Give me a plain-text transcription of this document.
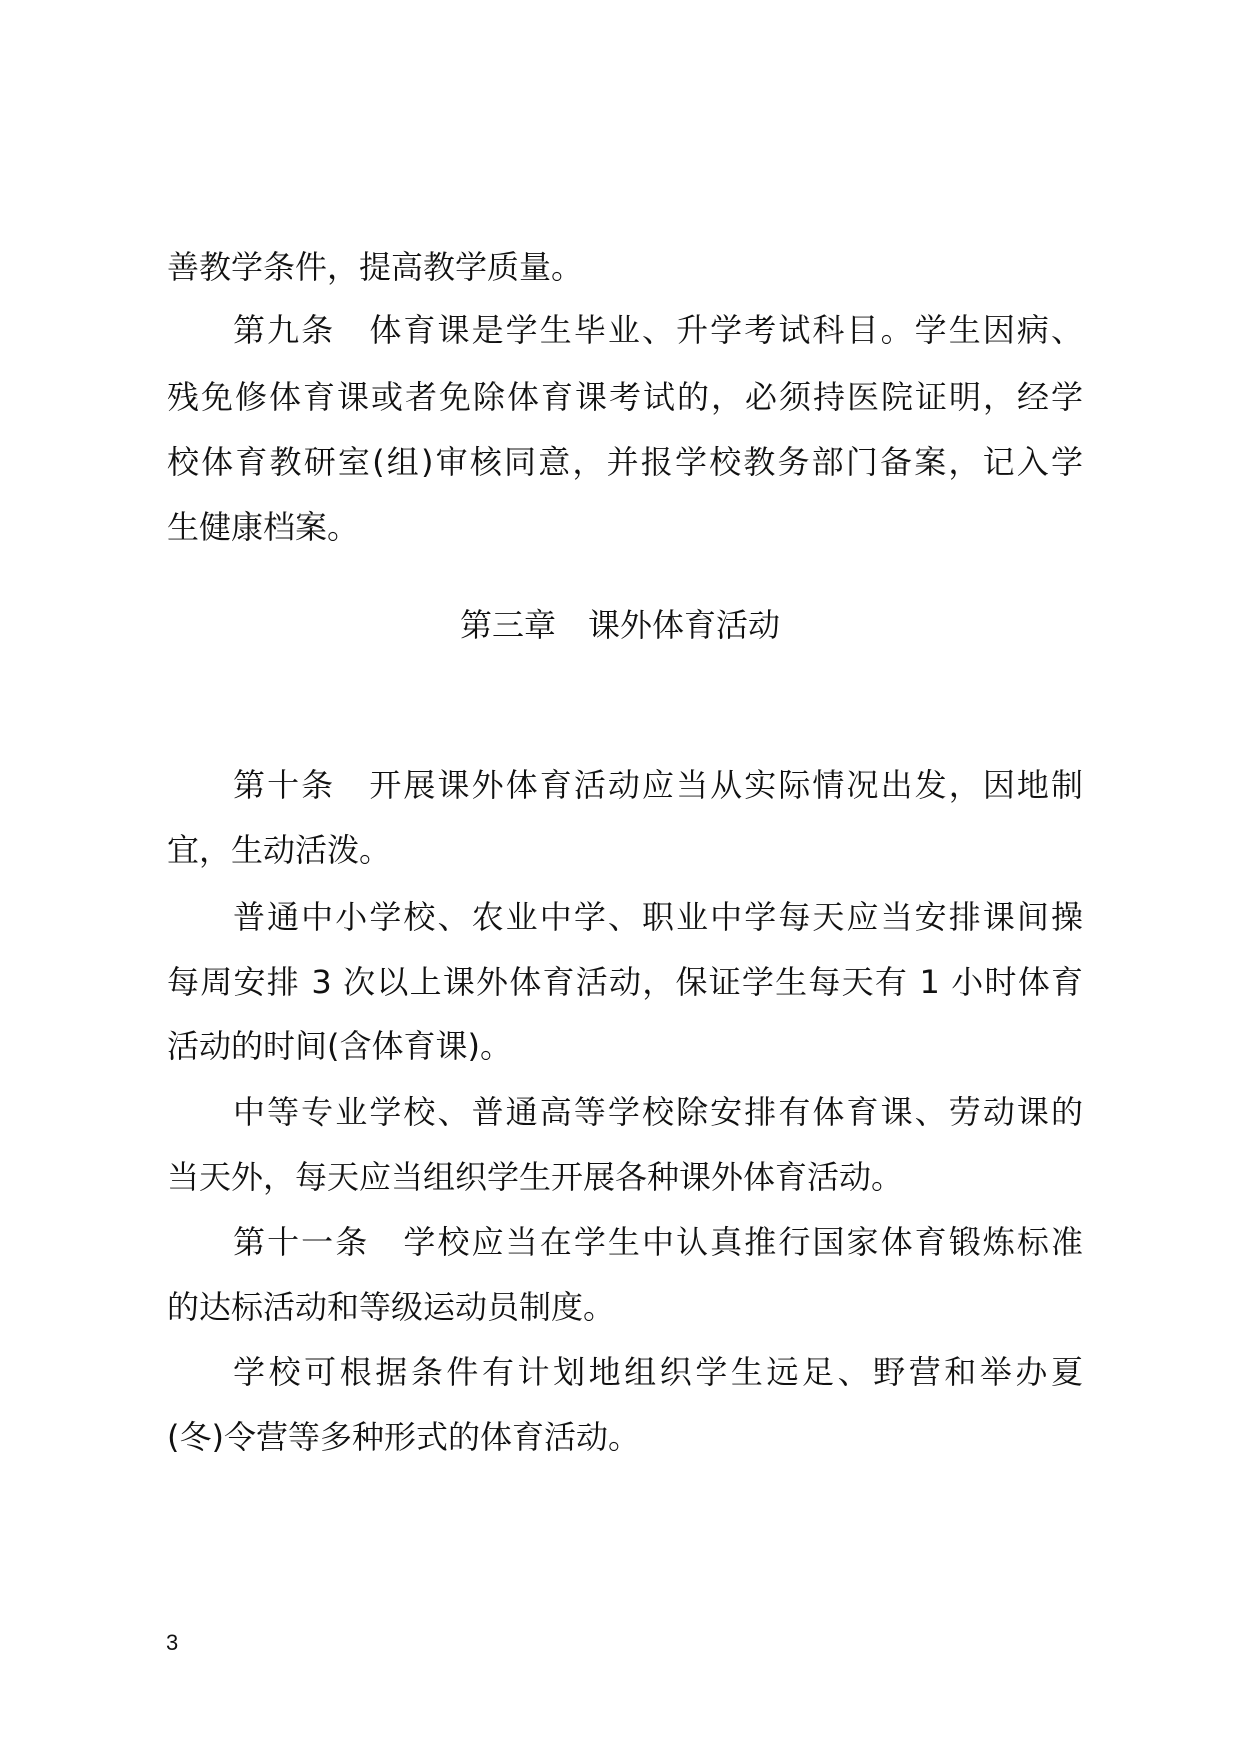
善教学条件，提高教学质量。
第九条　体育课是学生毕业、升学考试科目。学生因病、
残免修体育课或者免除体育课考试的，必须持医院证明，经学
校体育教研室(组)审核同意，并报学校教务部门备案，记入学
生健康档案。
第三章　课外体育活动
第十条　开展课外体育活动应当从实际情况出发，因地制
宜，生动活泼。
普通中小学校、农业中学、职业中学每天应当安排课间操
每周安排 3 次以上课外体育活动，保证学生每天有 1 小时体育
活动的时间(含体育课)。
中等专业学校、普通高等学校除安排有体育课、劳动课的
当天外，每天应当组织学生开展各种课外体育活动。
第十一条　学校应当在学生中认真推行国家体育锻炼标准
的达标活动和等级运动员制度。
学校可根据条件有计划地组织学生远足、野营和举办夏
(冬)令营等多种形式的体育活动。
3
